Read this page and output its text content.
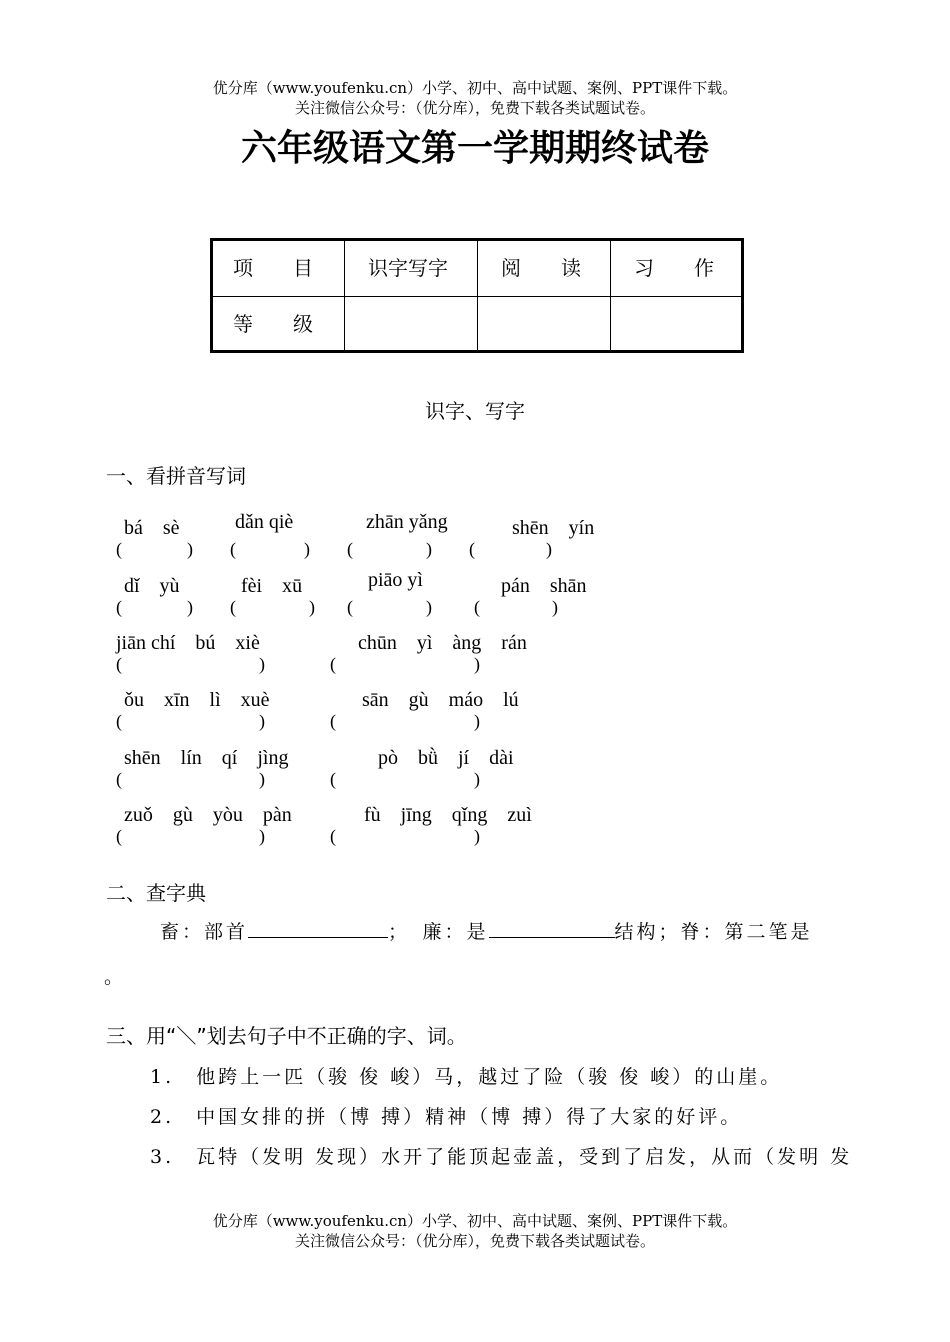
优分库（www.youfenku.cn）小学、初中、高中试题、案例、PPT课件下载。
关注微信公众号：（优分库），免费下载各类试题试卷。
六年级语文第一学期期终试卷
项　　目	识字写字	阅　　读	习　　作
等　　级
识字、写字
一、看拼音写词
bá　sè	dǎn qiè	zhān yǎng	shēn　yín
(	) (	) (	) (	)
dǐ　yù	fèi　xū	piāo yì	pán　shān
(	) (	) (	) (	)
jiān chí　bú　xiè	chūn　yì　àng　rán
(	)	(	)
ǒu　xīn　lì　xuè	sān　gù　máo　lú
(	)	(	)
shēn　lín　qí　jìng	pò　bǜ　jí　dài
(	)	(	)
zuǒ　gù　yòu　pàn	fù　jīng　qǐng　zuì
(	)	(	)
二、查字典
畜：部首	；　廉：是	结构；脊：第二笔是
。
三、用“＼”划去句子中不正确的字、词。
1.　他跨上一匹（骏 俊 峻）马，越过了险（骏 俊 峻）的山崖。
2.　中国女排的拼（博 搏）精神（博 搏）得了大家的好评。
3.　瓦特（发明 发现）水开了能顶起壶盖，受到了启发，从而（发明 发
优分库（www.youfenku.cn）小学、初中、高中试题、案例、PPT课件下载。
关注微信公众号：（优分库），免费下载各类试题试卷。
